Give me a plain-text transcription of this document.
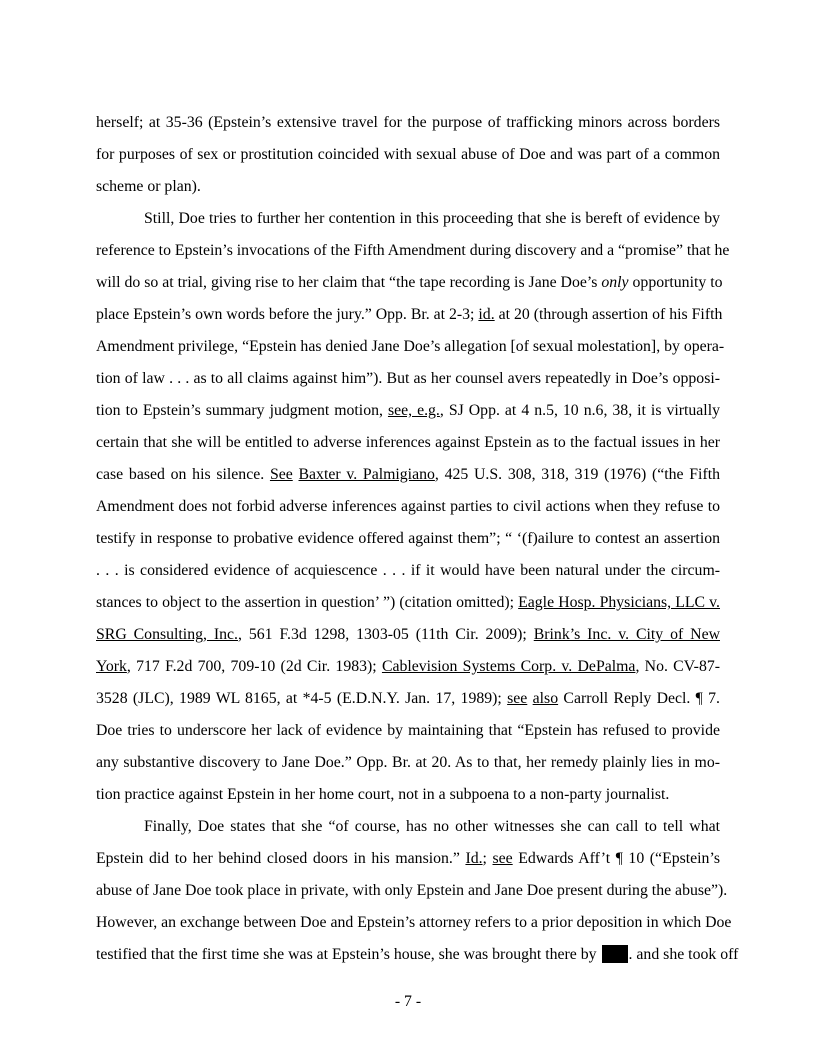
herself; at 35-36 (Epstein’s extensive travel for the purpose of trafficking minors across borders
for purposes of sex or prostitution coincided with sexual abuse of Doe and was part of a common
scheme or plan).
Still, Doe tries to further her contention in this proceeding that she is bereft of evidence by
reference to Epstein’s invocations of the Fifth Amendment during discovery and a “promise” that he
will do so at trial, giving rise to her claim that “the tape recording is Jane Doe’s only opportunity to
place Epstein’s own words before the jury.” Opp. Br. at 2-3; id. at 20 (through assertion of his Fifth
Amendment privilege, “Epstein has denied Jane Doe’s allegation [of sexual molestation], by opera-
tion of law . . . as to all claims against him”). But as her counsel avers repeatedly in Doe’s opposi-
tion to Epstein’s summary judgment motion, see, e.g., SJ Opp. at 4 n.5, 10 n.6, 38, it is virtually
certain that she will be entitled to adverse inferences against Epstein as to the factual issues in her
case based on his silence. See Baxter v. Palmigiano, 425 U.S. 308, 318, 319 (1976) (“the Fifth
Amendment does not forbid adverse inferences against parties to civil actions when they refuse to
testify in response to probative evidence offered against them”; “ ‘(f)ailure to contest an assertion
. . . is considered evidence of acquiescence . . . if it would have been natural under the circum-
stances to object to the assertion in question’ ”) (citation omitted); Eagle Hosp. Physicians, LLC v.
SRG Consulting, Inc., 561 F.3d 1298, 1303-05 (11th Cir. 2009); Brink’s Inc. v. City of New
York, 717 F.2d 700, 709-10 (2d Cir. 1983); Cablevision Systems Corp. v. DePalma, No. CV-87-
3528 (JLC), 1989 WL 8165, at *4-5 (E.D.N.Y. Jan. 17, 1989); see also Carroll Reply Decl. ¶ 7.
Doe tries to underscore her lack of evidence by maintaining that “Epstein has refused to provide
any substantive discovery to Jane Doe.” Opp. Br. at 20. As to that, her remedy plainly lies in mo-
tion practice against Epstein in her home court, not in a subpoena to a non-party journalist.
Finally, Doe states that she “of course, has no other witnesses she can call to tell what
Epstein did to her behind closed doors in his mansion.” Id.; see Edwards Aff’t ¶ 10 (“Epstein’s
abuse of Jane Doe took place in private, with only Epstein and Jane Doe present during the abuse”).
However, an exchange between Doe and Epstein’s attorney refers to a prior deposition in which Doe
testified that the first time she was at Epstein’s house, she was brought there by . and she took off
- 7 -
